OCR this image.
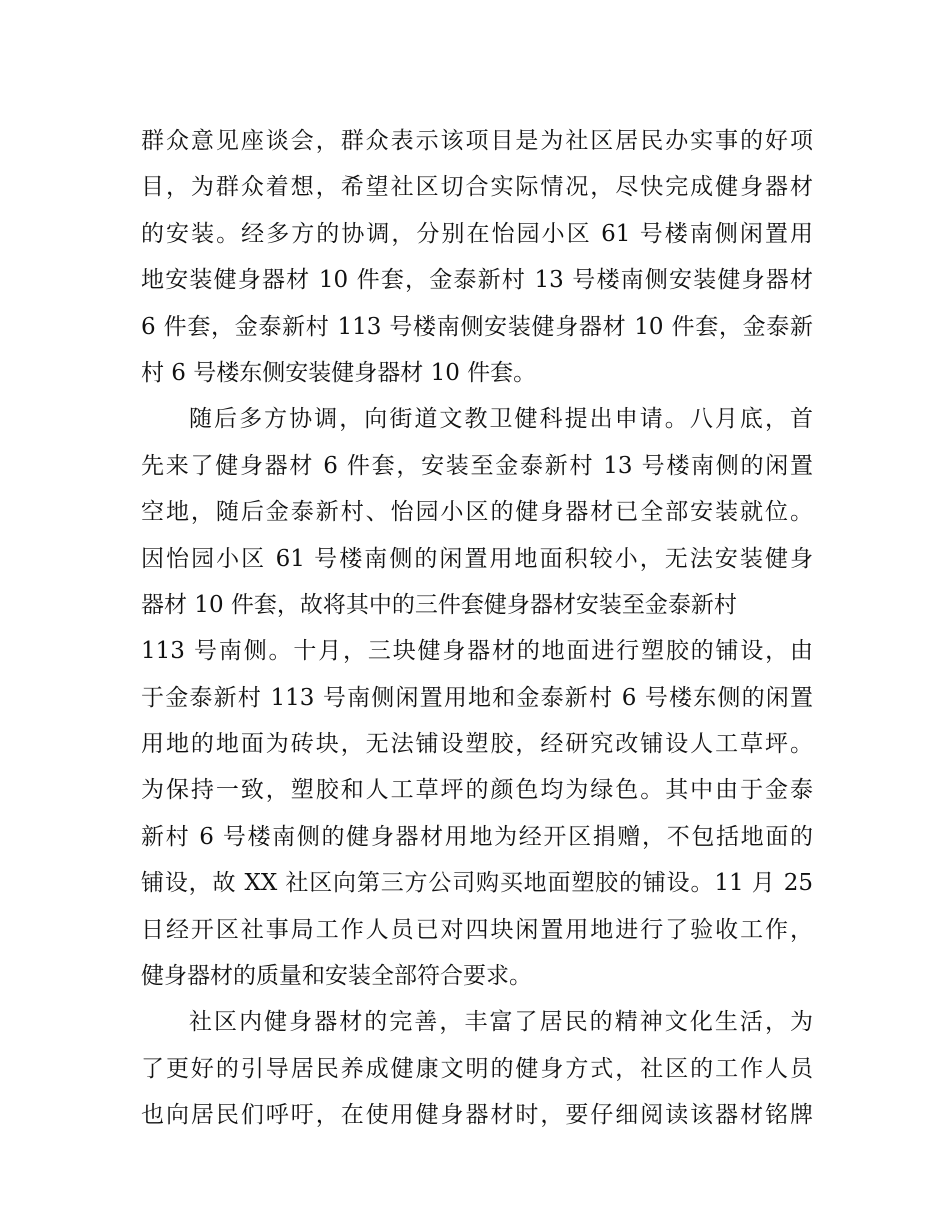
群众意见座谈会，群众表示该项目是为社区居民办实事的好项
目，为群众着想，希望社区切合实际情况，尽快完成健身器材
的安装。经多方的协调，分别在怡园小区 61 号楼南侧闲置用
地安装健身器材 10 件套，金泰新村 13 号楼南侧安装健身器材
6 件套，金泰新村 113 号楼南侧安装健身器材 10 件套，金泰新
村 6 号楼东侧安装健身器材 10 件套。
随后多方协调，向街道文教卫健科提出申请。八月底，首
先来了健身器材 6 件套，安装至金泰新村 13 号楼南侧的闲置
空地，随后金泰新村、怡园小区的健身器材已全部安装就位。
因怡园小区 61 号楼南侧的闲置用地面积较小，无法安装健身
器材 10 件套，故将其中的三件套健身器材安装至金泰新村
113 号南侧。十月，三块健身器材的地面进行塑胶的铺设，由
于金泰新村 113 号南侧闲置用地和金泰新村 6 号楼东侧的闲置
用地的地面为砖块，无法铺设塑胶，经研究改铺设人工草坪。
为保持一致，塑胶和人工草坪的颜色均为绿色。其中由于金泰
新村 6 号楼南侧的健身器材用地为经开区捐赠，不包括地面的
铺设，故 XX 社区向第三方公司购买地面塑胶的铺设。11 月 25
日经开区社事局工作人员已对四块闲置用地进行了验收工作，
健身器材的质量和安装全部符合要求。
社区内健身器材的完善，丰富了居民的精神文化生活，为
了更好的引导居民养成健康文明的健身方式，社区的工作人员
也向居民们呼吁，在使用健身器材时，要仔细阅读该器材铭牌
